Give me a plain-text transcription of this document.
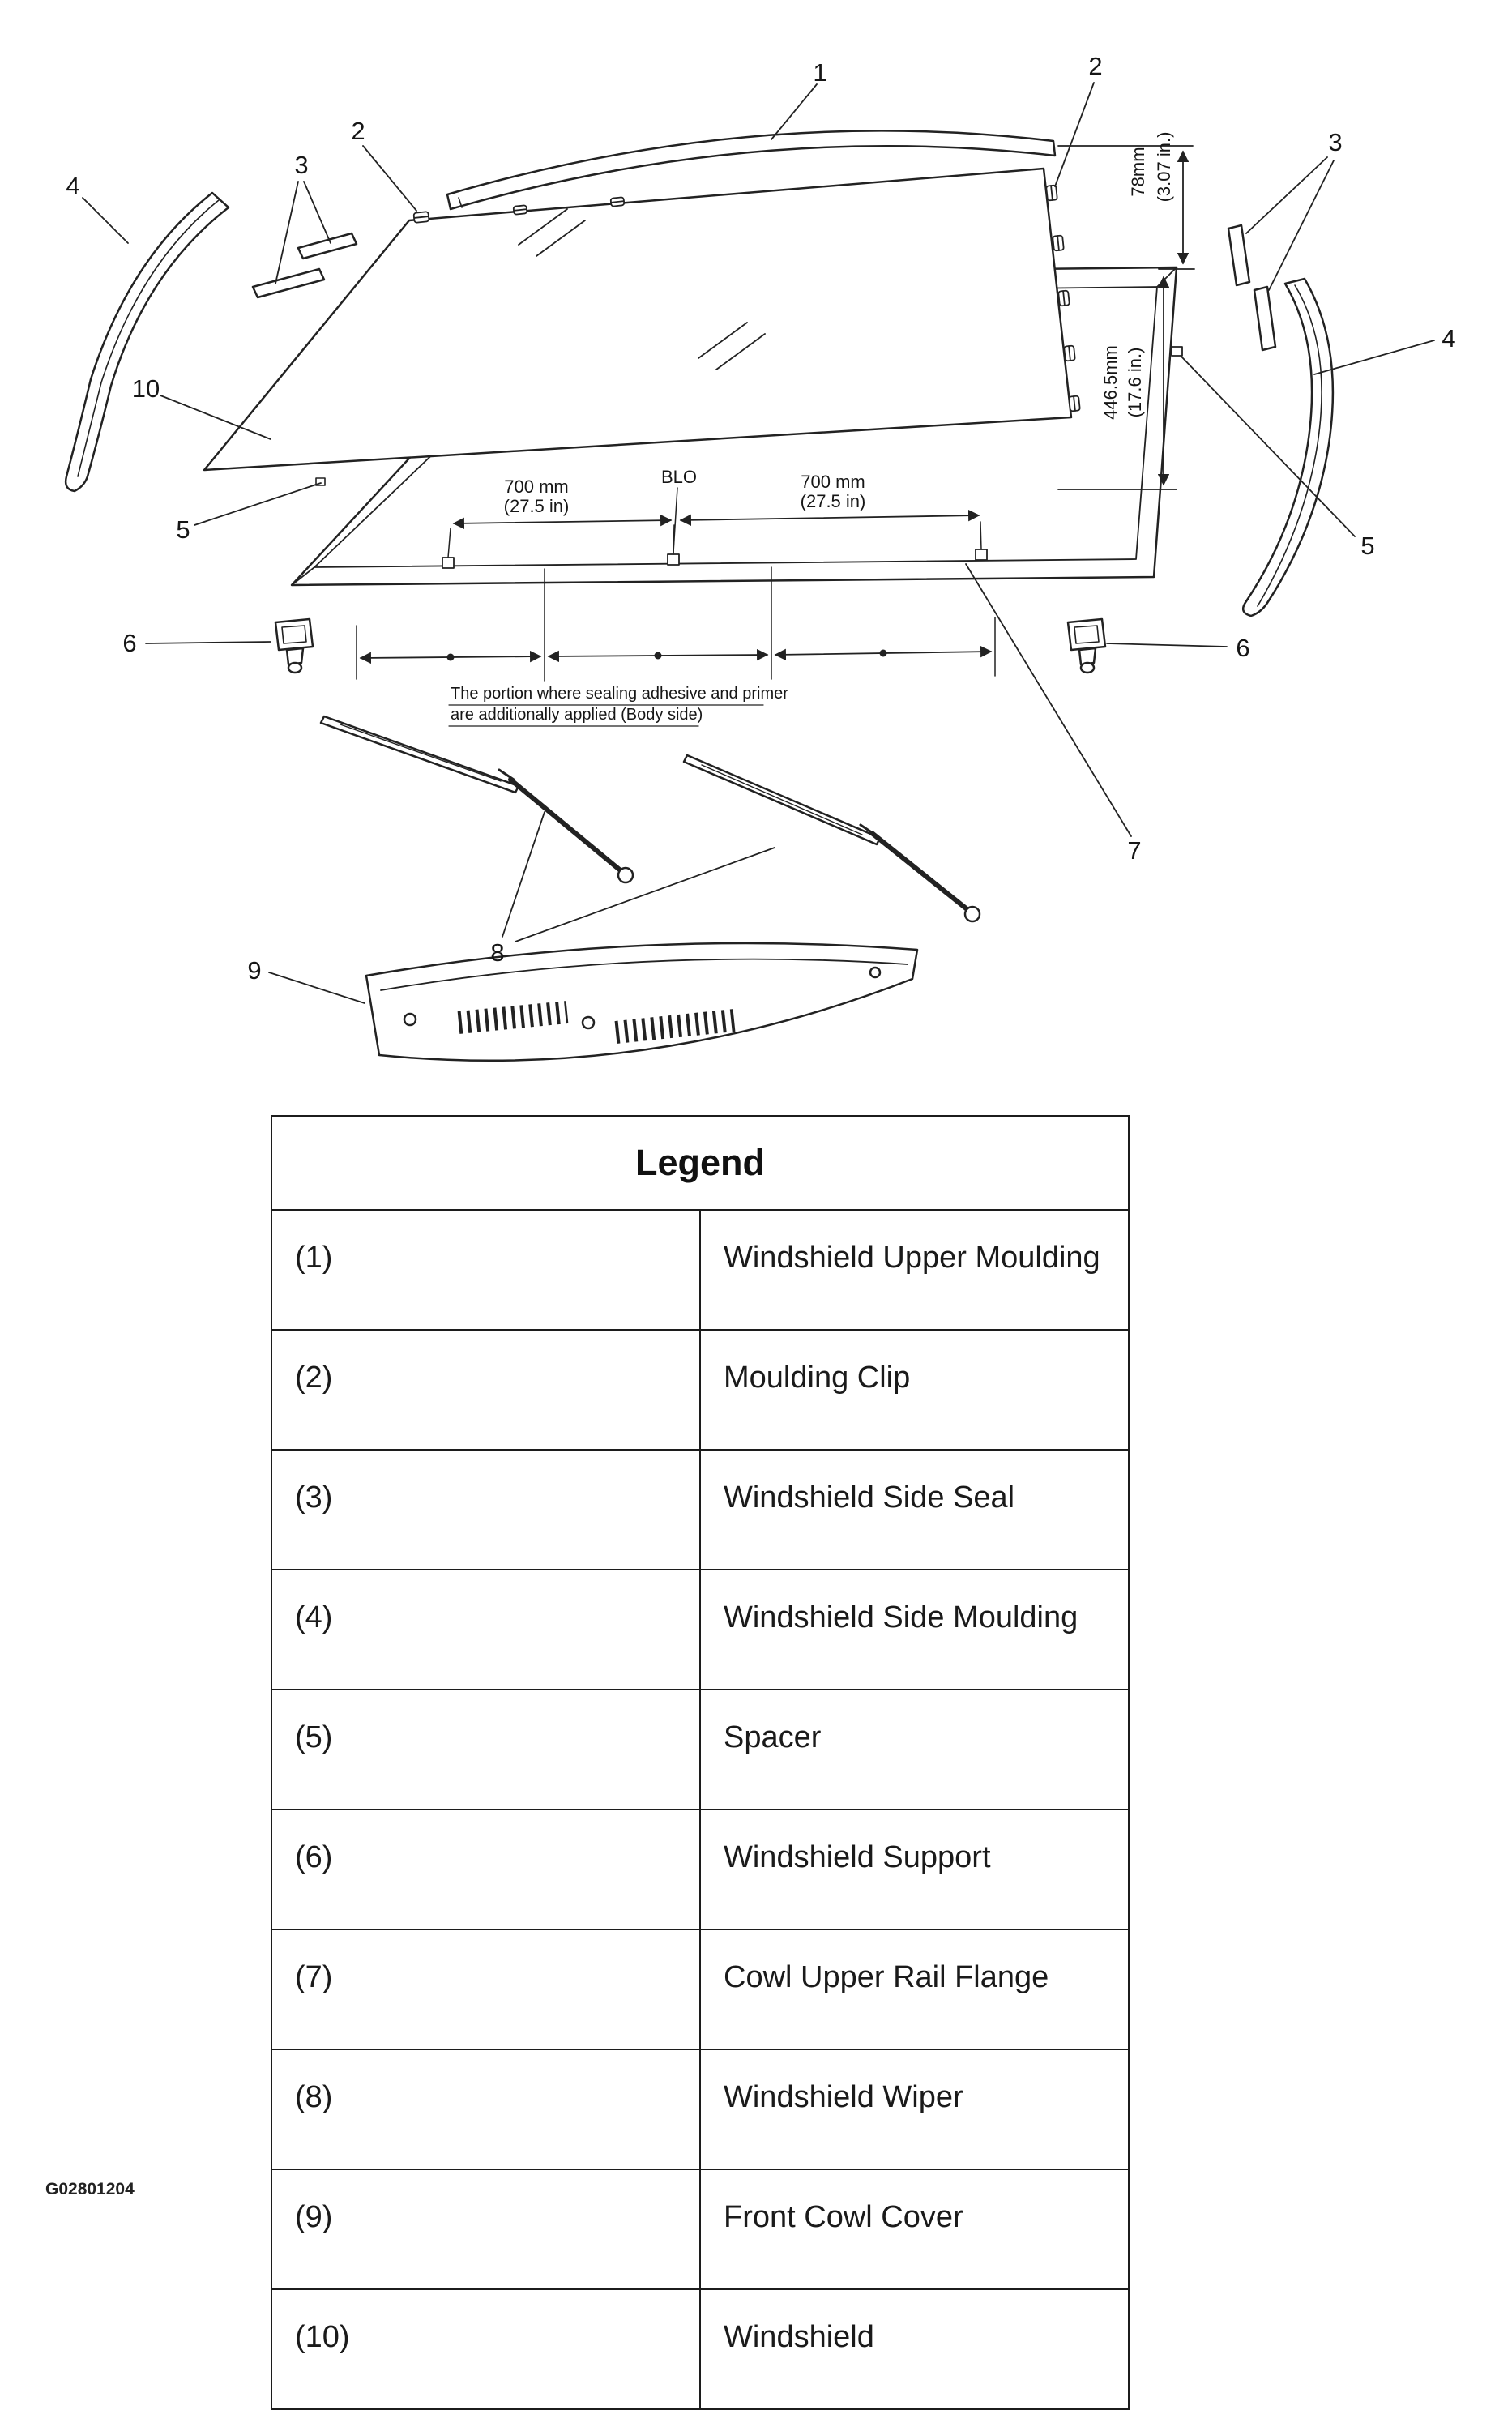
1
2
2
3
3
4
4
5
5
6	6
7
8
9
10
78mm (3.07 in.)
446.5mm (17.6 in.)
700 mm
(27.5 in)
700 mm
(27.5 in)
BLO
The portion where sealing adhesive and primer
are additionally applied (Body side)
Legend	
(1)	Windshield Upper Moulding
(2)	Moulding Clip
(3)	Windshield Side Seal
(4)	Windshield Side Moulding
(5)	Spacer
(6)	Windshield Support
(7)	Cowl Upper Rail Flange
(8)	Windshield Wiper
(9)	Front Cowl Cover
(10)	Windshield
G02801204
